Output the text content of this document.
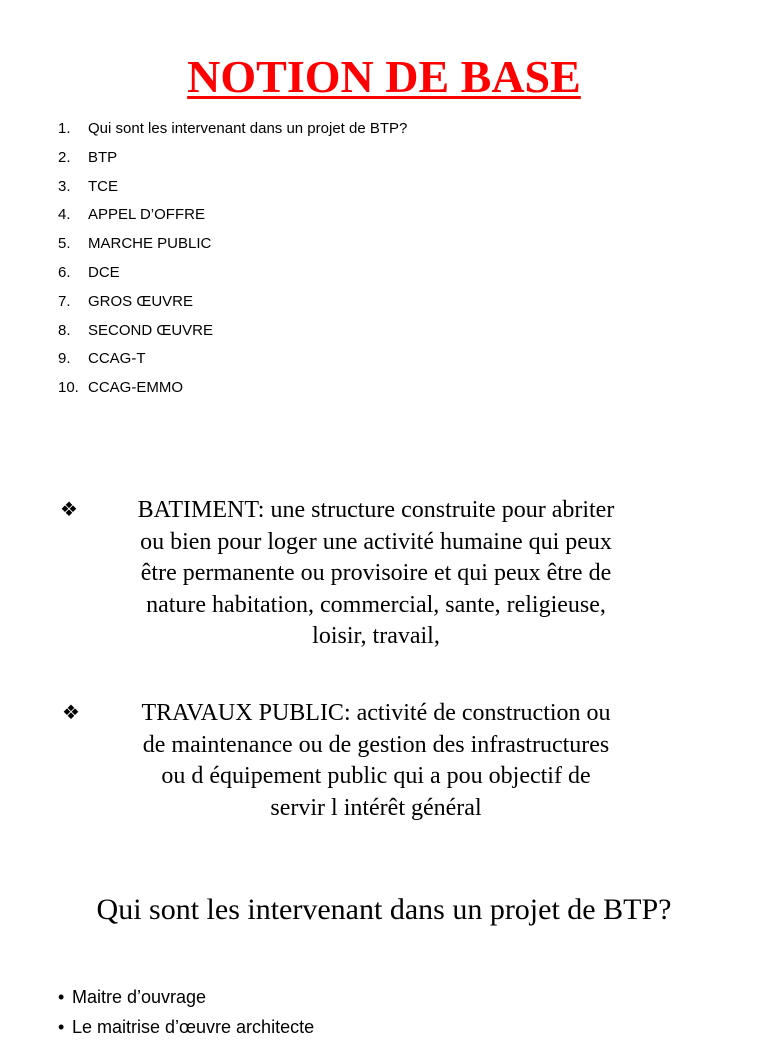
NOTION DE BASE
1. Qui sont les intervenant dans un projet de BTP?
2. BTP
3. TCE
4. APPEL D’OFFRE
5. MARCHE PUBLIC
6. DCE
7. GROS ŒUVRE
8. SECOND ŒUVRE
9. CCAG-T
10. CCAG-EMMO
❖	BATIMENT: une structure construite pour abriter
ou bien pour loger une activité humaine qui peux
être permanente ou provisoire et qui peux être de
nature habitation, commercial, sante, religieuse,
loisir, travail,
❖	TRAVAUX PUBLIC: activité de construction ou
de maintenance ou de gestion des infrastructures
ou d équipement public qui a pou objectif de
servir l intérêt général
Qui sont les intervenant dans un projet de BTP?
• Maitre d’ouvrage
• Le maitrise d’œuvre architecte
